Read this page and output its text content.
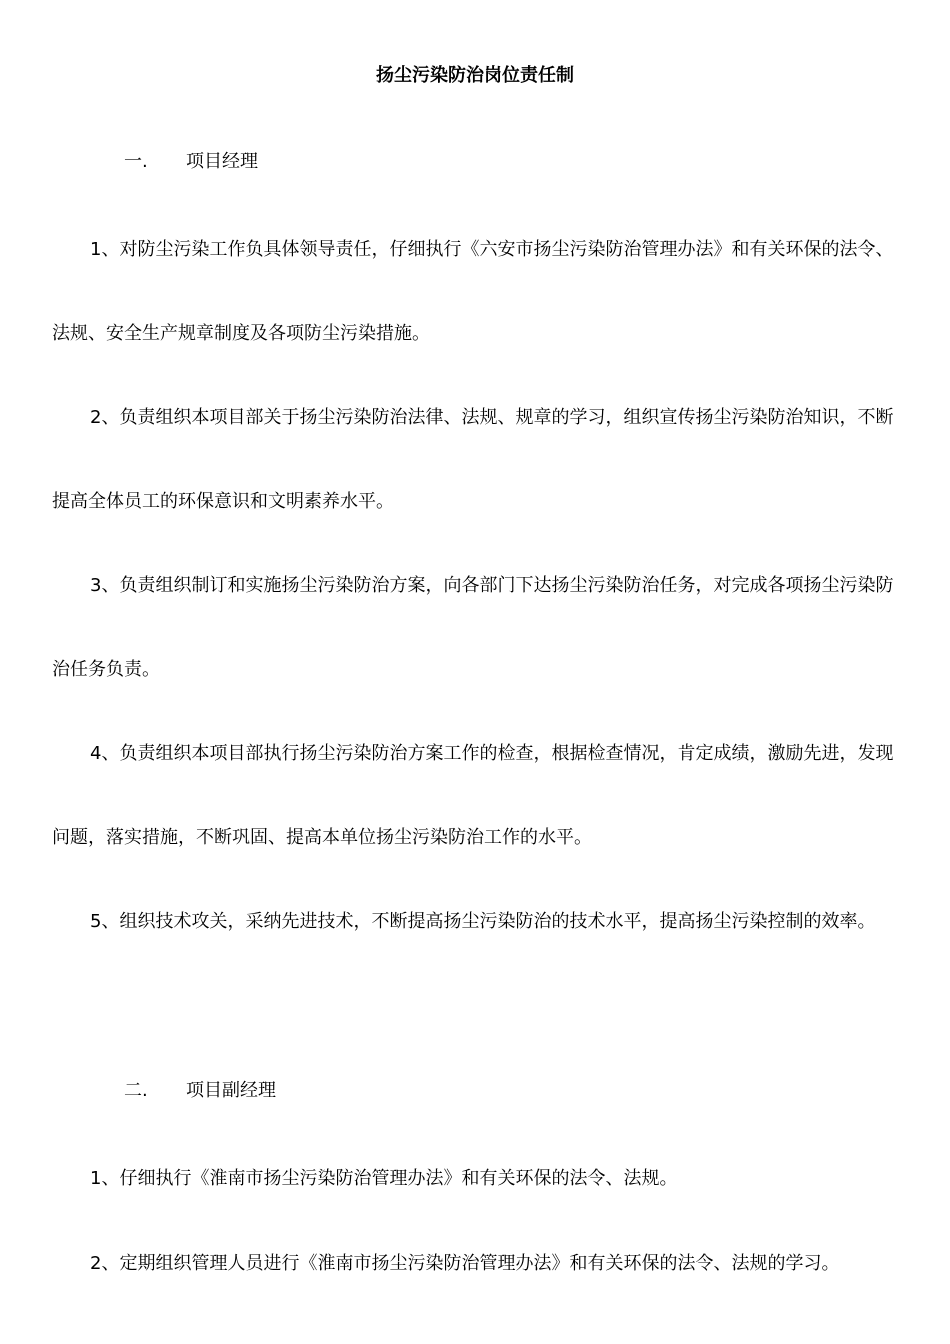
扬尘污染防治岗位责任制
一. 项目经理
1、对防尘污染工作负具体领导责任，仔细执行《六安市扬尘污染防治管理办法》和有关环保的法令、法规、安全生产规章制度及各项防尘污染措施。
2、负责组织本项目部关于扬尘污染防治法律、法规、规章的学习，组织宣传扬尘污染防治知识，不断提高全体员工的环保意识和文明素养水平。
3、负责组织制订和实施扬尘污染防治方案，向各部门下达扬尘污染防治任务，对完成各项扬尘污染防治任务负责。
4、负责组织本项目部执行扬尘污染防治方案工作的检查，根据检查情况，肯定成绩，激励先进，发现问题，落实措施，不断巩固、提高本单位扬尘污染防治工作的水平。
5、组织技术攻关，采纳先进技术，不断提高扬尘污染防治的技术水平，提高扬尘污染控制的效率。
二. 项目副经理
1、仔细执行《淮南市扬尘污染防治管理办法》和有关环保的法令、法规。
2、定期组织管理人员进行《淮南市扬尘污染防治管理办法》和有关环保的法令、法规的学习。
